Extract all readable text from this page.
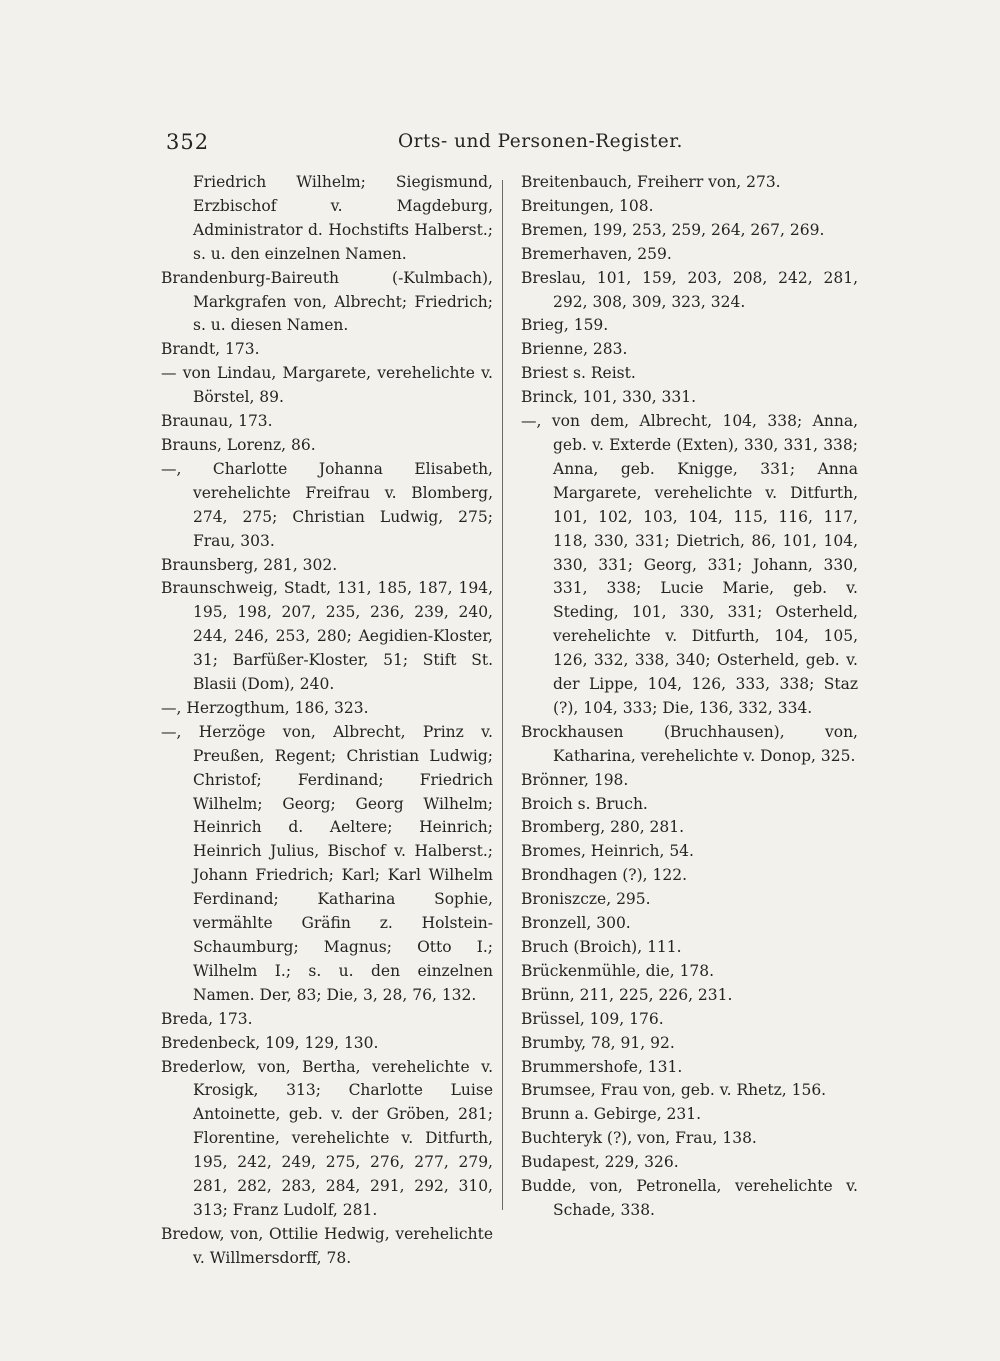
352	Orts- und Personen-Register.

Friedrich Wilhelm; Siegismund, Erzbischof v. Magdeburg, Administrator d. Hochstifts Halberst.; s. u. den einzelnen Namen.

Brandenburg-Baireuth (-Kulmbach), Markgrafen von, Albrecht; Friedrich; s. u. diesen Namen.

Brandt, 173.

— von Lindau, Margarete, verehelichte v. Börstel, 89.

Braunau, 173.

Brauns, Lorenz, 86.

—, Charlotte Johanna Elisabeth, verehelichte Freifrau v. Blomberg, 274, 275; Christian Ludwig, 275; Frau, 303.

Braunsberg, 281, 302.

Braunschweig, Stadt, 131, 185, 187, 194, 195, 198, 207, 235, 236, 239, 240, 244, 246, 253, 280; Aegidien-Kloster, 31; Barfüßer-Kloster, 51; Stift St. Blasii (Dom), 240.

—, Herzogthum, 186, 323.

—, Herzöge von, Albrecht, Prinz v. Preußen, Regent; Christian Ludwig; Christof; Ferdinand; Friedrich Wilhelm; Georg; Georg Wilhelm; Heinrich d. Aeltere; Heinrich; Heinrich Julius, Bischof v. Halberst.; Johann Friedrich; Karl; Karl Wilhelm Ferdinand; Katharina Sophie, vermählte Gräfin z. Holstein-Schaumburg; Magnus; Otto I.; Wilhelm I.; s. u. den einzelnen Namen. Der, 83; Die, 3, 28, 76, 132.

Breda, 173.

Bredenbeck, 109, 129, 130.

Brederlow, von, Bertha, verehelichte v. Krosigk, 313; Charlotte Luise Antoinette, geb. v. der Gröben, 281; Florentine, verehelichte v. Ditfurth, 195, 242, 249, 275, 276, 277, 279, 281, 282, 283, 284, 291, 292, 310, 313; Franz Ludolf, 281.

Bredow, von, Ottilie Hedwig, verehelichte v. Willmersdorff, 78.

Breitenbauch, Freiherr von, 273.

Breitungen, 108.

Bremen, 199, 253, 259, 264, 267, 269.

Bremerhaven, 259.

Breslau, 101, 159, 203, 208, 242, 281, 292, 308, 309, 323, 324.

Brieg, 159.

Brienne, 283.

Briest s. Reist.

Brinck, 101, 330, 331.

—, von dem, Albrecht, 104, 338; Anna, geb. v. Exterde (Exten), 330, 331, 338; Anna, geb. Knigge, 331; Anna Margarete, verehelichte v. Ditfurth, 101, 102, 103, 104, 115, 116, 117, 118, 330, 331; Dietrich, 86, 101, 104, 330, 331; Georg, 331; Johann, 330, 331, 338; Lucie Marie, geb. v. Steding, 101, 330, 331; Osterheld, verehelichte v. Ditfurth, 104, 105, 126, 332, 338, 340; Osterheld, geb. v. der Lippe, 104, 126, 333, 338; Staz (?), 104, 333; Die, 136, 332, 334.

Brockhausen (Bruchhausen), von, Katharina, verehelichte v. Donop, 325.

Brönner, 198.

Broich s. Bruch.

Bromberg, 280, 281.

Bromes, Heinrich, 54.

Brondhagen (?), 122.

Broniszcze, 295.

Bronzell, 300.

Bruch (Broich), 111.

Brückenmühle, die, 178.

Brünn, 211, 225, 226, 231.

Brüssel, 109, 176.

Brumby, 78, 91, 92.

Brummershofe, 131.

Brumsee, Frau von, geb. v. Rhetz, 156.

Brunn a. Gebirge, 231.

Buchteryk (?), von, Frau, 138.

Budapest, 229, 326.

Budde, von, Petronella, verehelichte v. Schade, 338.
